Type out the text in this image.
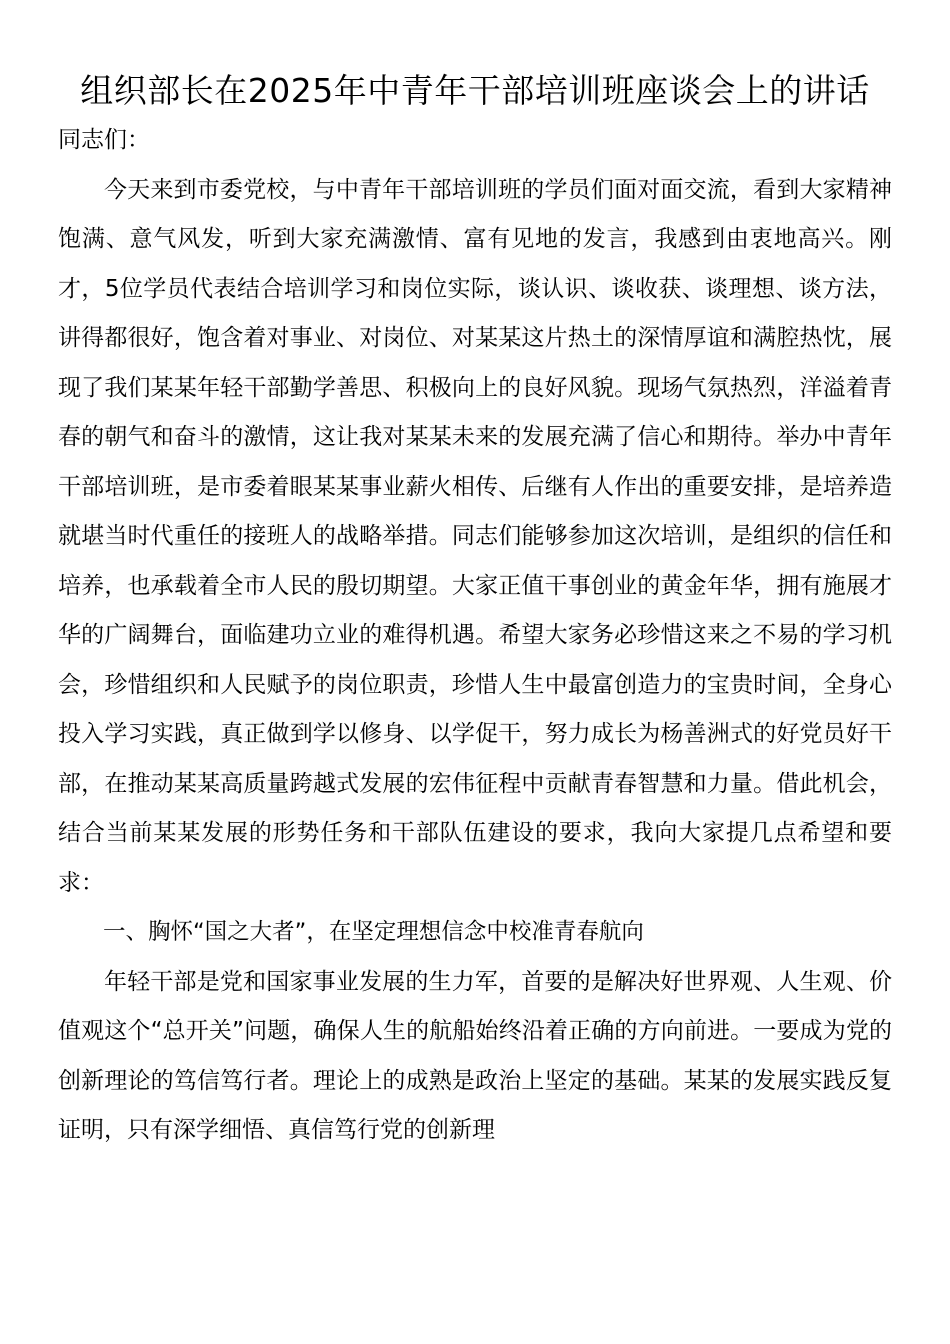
组织部长在2025年中青年干部培训班座谈会上的讲话

同志们：

今天来到市委党校，与中青年干部培训班的学员们面对面交流，看到大家精神饱满、意气风发，听到大家充满激情、富有见地的发言，我感到由衷地高兴。刚才，5位学员代表结合培训学习和岗位实际，谈认识、谈收获、谈理想、谈方法，讲得都很好，饱含着对事业、对岗位、对某某这片热土的深情厚谊和满腔热忱，展现了我们某某年轻干部勤学善思、积极向上的良好风貌。现场气氛热烈，洋溢着青春的朝气和奋斗的激情，这让我对某某未来的发展充满了信心和期待。举办中青年干部培训班，是市委着眼某某事业薪火相传、后继有人作出的重要安排，是培养造就堪当时代重任的接班人的战略举措。同志们能够参加这次培训，是组织的信任和培养，也承载着全市人民的殷切期望。大家正值干事创业的黄金年华，拥有施展才华的广阔舞台，面临建功立业的难得机遇。希望大家务必珍惜这来之不易的学习机会，珍惜组织和人民赋予的岗位职责，珍惜人生中最富创造力的宝贵时间，全身心投入学习实践，真正做到学以修身、以学促干，努力成长为杨善洲式的好党员好干部，在推动某某高质量跨越式发展的宏伟征程中贡献青春智慧和力量。借此机会，结合当前某某发展的形势任务和干部队伍建设的要求，我向大家提几点希望和要求：

一、胸怀“国之大者”，在坚定理想信念中校准青春航向

年轻干部是党和国家事业发展的生力军，首要的是解决好世界观、人生观、价值观这个“总开关”问题，确保人生的航船始终沿着正确的方向前进。一要成为党的创新理论的笃信笃行者。理论上的成熟是政治上坚定的基础。某某的发展实践反复证明，只有深学细悟、真信笃行党的创新理
